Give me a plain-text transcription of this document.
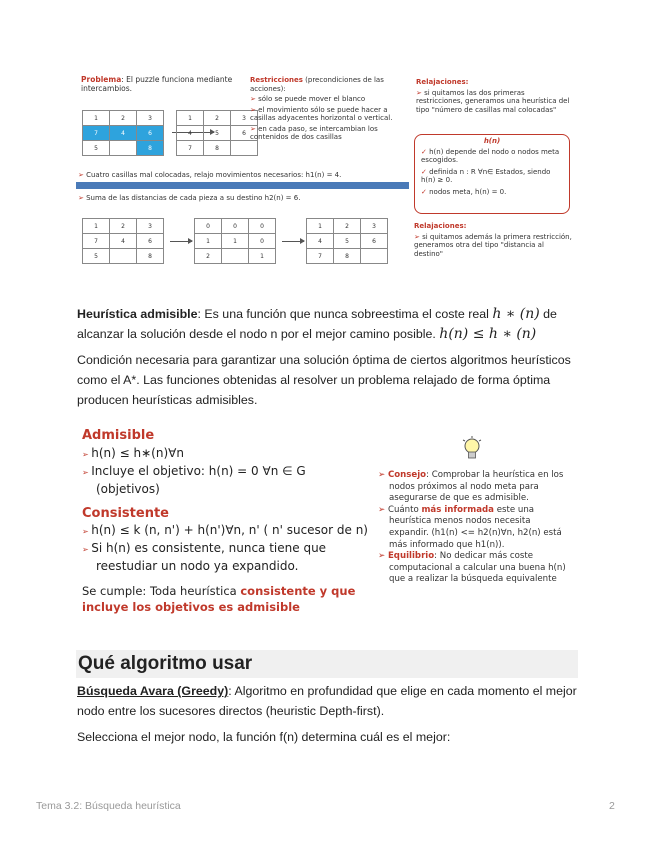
Problema: El puzzle funciona mediante intercambios.
1	2	3
7	4	6
5		8
1	2	3
4	5	6
7	8	
Restricciones (precondiciones de las acciones):
➢ sólo se puede mover el blanco
➢ el movimiento sólo se puede hacer a casillas adyacentes horizontal o vertical.
➢ en cada paso, se intercambian los contenidos de dos casillas
Relajaciones:
➢ si quitamos las dos primeras restricciones, generamos una heurística del tipo "número de casillas mal colocadas"
h(n)
✓ h(n) depende del nodo o nodos meta escogidos.
✓ definida n : R ∀n∈ Estados, siendo h(n) ≥ 0.
✓ nodos meta, h(n) = 0.
➢ Cuatro casillas mal colocadas, relajo movimientos necesarios: h1(n) = 4.
➢ Suma de las distancias de cada pieza a su destino h2(n) = 6.
1	2	3
7	4	6
5		8
0	0	0
1	1	0
2		1
1	2	3
4	5	6
7	8	
Relajaciones:
➢ si quitamos además la primera restricción, generamos otra del tipo "distancia al destino"
Heurística admisible: Es una función que nunca sobreestima el coste real h ∗ (n) de alcanzar la solución desde el nodo n por el mejor camino posible. h(n) ≤ h ∗ (n)
Condición necesaria para garantizar una solución óptima de ciertos algoritmos heurísticos como el A*. Las funciones obtenidas al resolver un problema relajado de forma óptima producen heurísticas admisibles.
Admisible
➢ h(n) ≤ h∗(n)∀n
➢ Incluye el objetivo: h(n) = 0 ∀n ∈ G (objetivos)
Consistente
➢ h(n) ≤ k (n, n') + h(n')∀n, n' ( n' sucesor de n)
➢ Si h(n) es consistente, nunca tiene que reestudiar un nodo ya expandido.
Se cumple: Toda heurística consistente y que incluye los objetivos es admisible
➢ Consejo: Comprobar la heurística en los nodos próximos al nodo meta para asegurarse de que es admisible.
➢ Cuánto más informada este una heurística menos nodos necesita expandir. (h1(n) <= h2(n)∀n, h2(n) está más informado que h1(n)).
➢ Equilibrio: No dedicar más coste computacional a calcular una buena h(n) que a realizar la búsqueda equivalente
Qué algoritmo usar
Búsqueda Avara (Greedy): Algoritmo en profundidad que elige en cada momento el mejor nodo entre los sucesores directos (heuristic Depth-first).
Selecciona el mejor nodo, la función f(n) determina cuál es el mejor:
Tema 3.2: Búsqueda heurística	2
